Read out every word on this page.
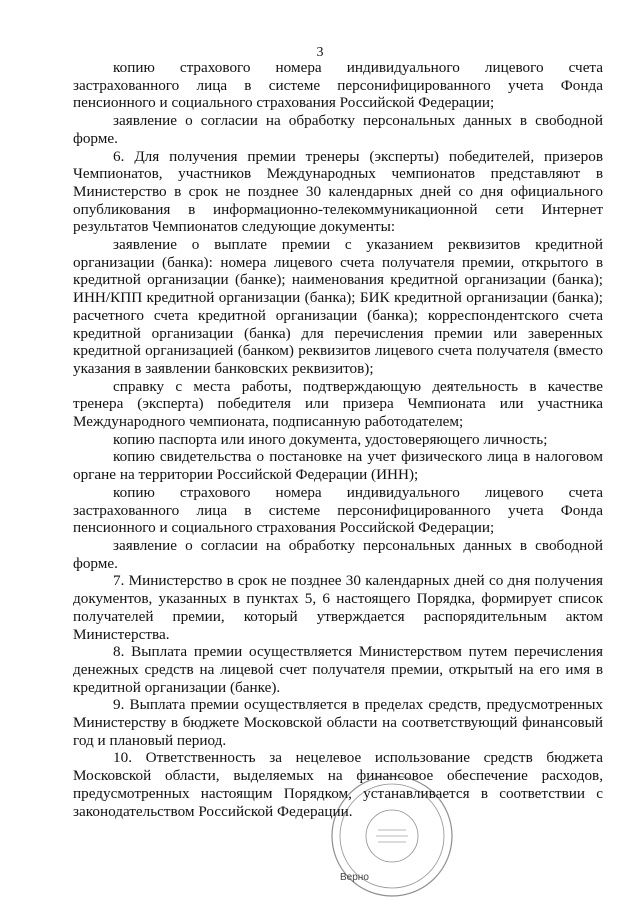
3

копию страхового номера индивидуального лицевого счета застрахованного лица в системе персонифицированного учета Фонда пенсионного и социального страхования Российской Федерации;

заявление о согласии на обработку персональных данных в свободной форме.

6. Для получения премии тренеры (эксперты) победителей, призеров Чемпионатов, участников Международных чемпионатов представляют в Министерство в срок не позднее 30 календарных дней со дня официального опубликования в информационно-телекоммуникационной сети Интернет результатов Чемпионатов следующие документы:

заявление о выплате премии с указанием реквизитов кредитной организации (банка): номера лицевого счета получателя премии, открытого в кредитной организации (банке); наименования кредитной организации (банка); ИНН/КПП кредитной организации (банка); БИК кредитной организации (банка); расчетного счета кредитной организации (банка); корреспондентского счета кредитной организации (банка) для перечисления премии или заверенных кредитной организацией (банком) реквизитов лицевого счета получателя (вместо указания в заявлении банковских реквизитов);

справку с места работы, подтверждающую деятельность в качестве тренера (эксперта) победителя или призера Чемпионата или участника Международного чемпионата, подписанную работодателем;

копию паспорта или иного документа, удостоверяющего личность;

копию свидетельства о постановке на учет физического лица в налоговом органе на территории Российской Федерации (ИНН);

копию страхового номера индивидуального лицевого счета застрахованного лица в системе персонифицированного учета Фонда пенсионного и социального страхования Российской Федерации;

заявление о согласии на обработку персональных данных в свободной форме.

7. Министерство в срок не позднее 30 календарных дней со дня получения документов, указанных в пунктах 5, 6 настоящего Порядка, формирует список получателей премии, который утверждается распорядительным актом Министерства.

8. Выплата премии осуществляется Министерством путем перечисления денежных средств на лицевой счет получателя премии, открытый на его имя в кредитной организации (банке).

9. Выплата премии осуществляется в пределах средств, предусмотренных Министерству в бюджете Московской области на соответствующий финансовый год и плановый период.

10. Ответственность за нецелевое использование средств бюджета Московской области, выделяемых на финансовое обеспечение расходов, предусмотренных настоящим Порядком, устанавливается в соответствии с законодательством Российской Федерации.

Верно
